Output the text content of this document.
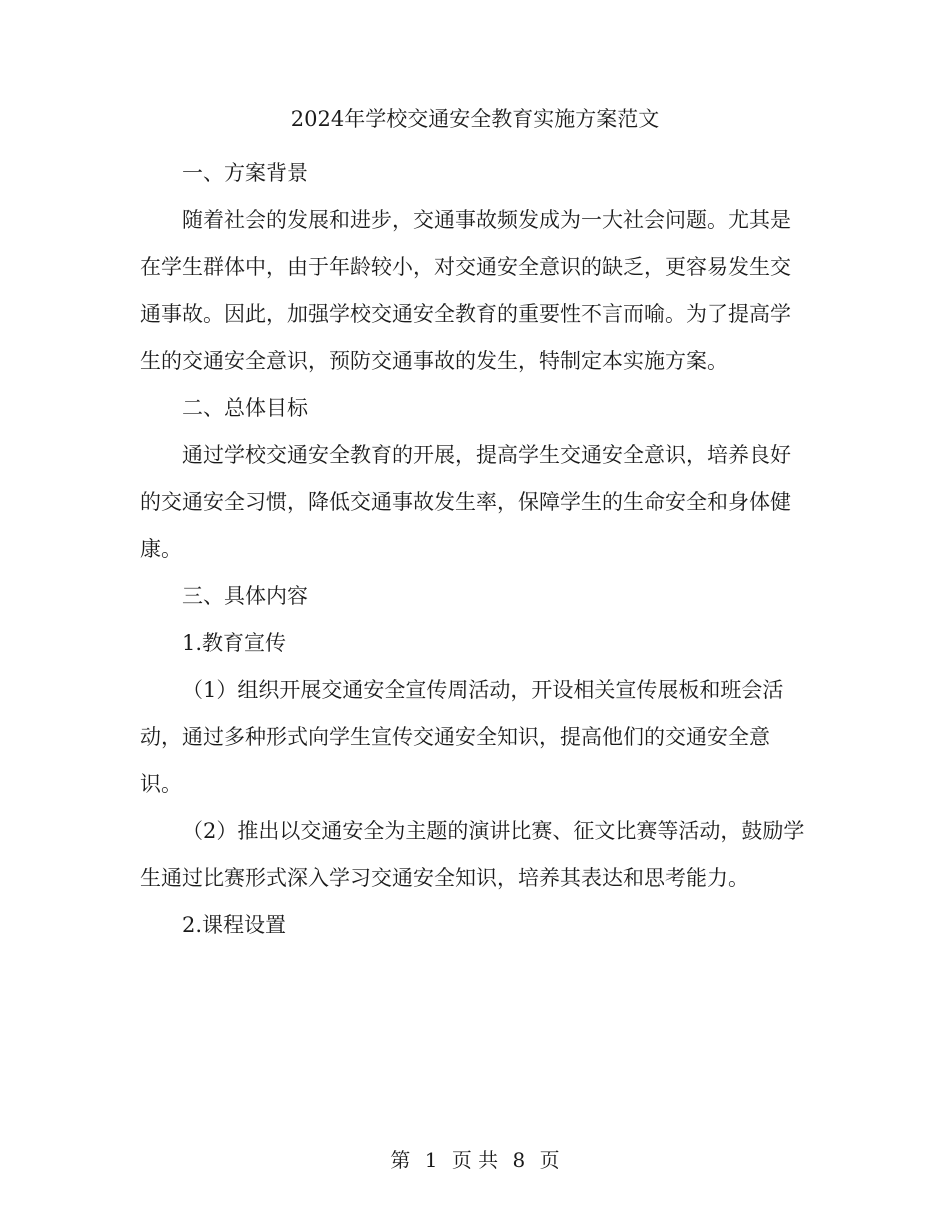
2024年学校交通安全教育实施方案范文

一、方案背景

随着社会的发展和进步，交通事故频发成为一大社会问题。尤其是在学生群体中，由于年龄较小，对交通安全意识的缺乏，更容易发生交通事故。因此，加强学校交通安全教育的重要性不言而喻。为了提高学生的交通安全意识，预防交通事故的发生，特制定本实施方案。

二、总体目标

通过学校交通安全教育的开展，提高学生交通安全意识，培养良好的交通安全习惯，降低交通事故发生率，保障学生的生命安全和身体健康。

三、具体内容

1.教育宣传

（1）组织开展交通安全宣传周活动，开设相关宣传展板和班会活动，通过多种形式向学生宣传交通安全知识，提高他们的交通安全意识。

（2）推出以交通安全为主题的演讲比赛、征文比赛等活动，鼓励学生通过比赛形式深入学习交通安全知识，培养其表达和思考能力。

2.课程设置

第 1 页 共 8 页
